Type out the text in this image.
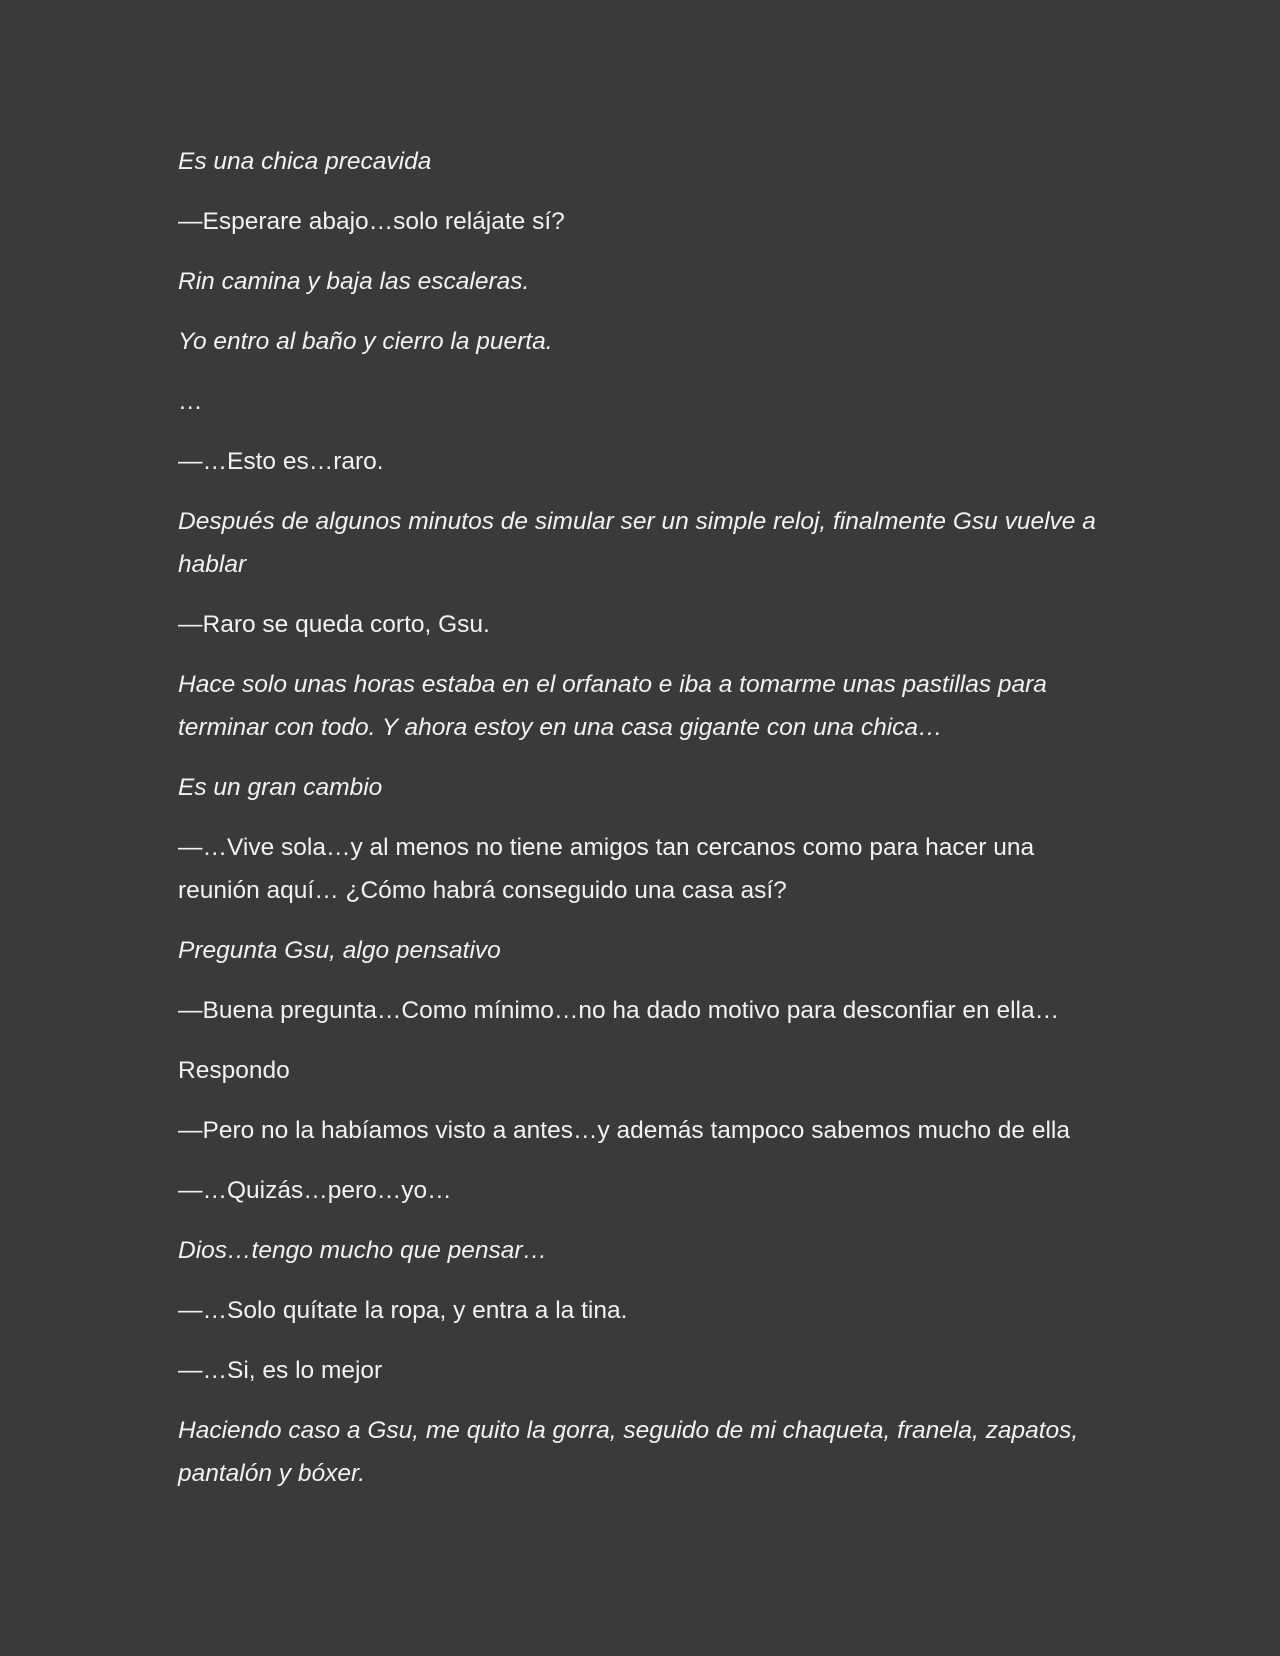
Es una chica precavida

—Esperare abajo…solo relájate sí?

Rin camina y baja las escaleras.

Yo entro al baño y cierro la puerta.

…

—…Esto es…raro.

Después de algunos minutos de simular ser un simple reloj, finalmente Gsu vuelve a hablar

—Raro se queda corto, Gsu.

Hace solo unas horas estaba en el orfanato e iba a tomarme unas pastillas para terminar con todo. Y ahora estoy en una casa gigante con una chica…

Es un gran cambio

—…Vive sola…y al menos no tiene amigos tan cercanos como para hacer una reunión aquí… ¿Cómo habrá conseguido una casa así?

Pregunta Gsu, algo pensativo

—Buena pregunta…Como mínimo…no ha dado motivo para desconfiar en ella…

Respondo

—Pero no la habíamos visto a antes…y además tampoco sabemos mucho de ella

—…Quizás…pero…yo…

Dios…tengo mucho que pensar…

—…Solo quítate la ropa, y entra a la tina.

—…Si, es lo mejor

Haciendo caso a Gsu, me quito la gorra, seguido de mi chaqueta, franela, zapatos, pantalón y bóxer.
